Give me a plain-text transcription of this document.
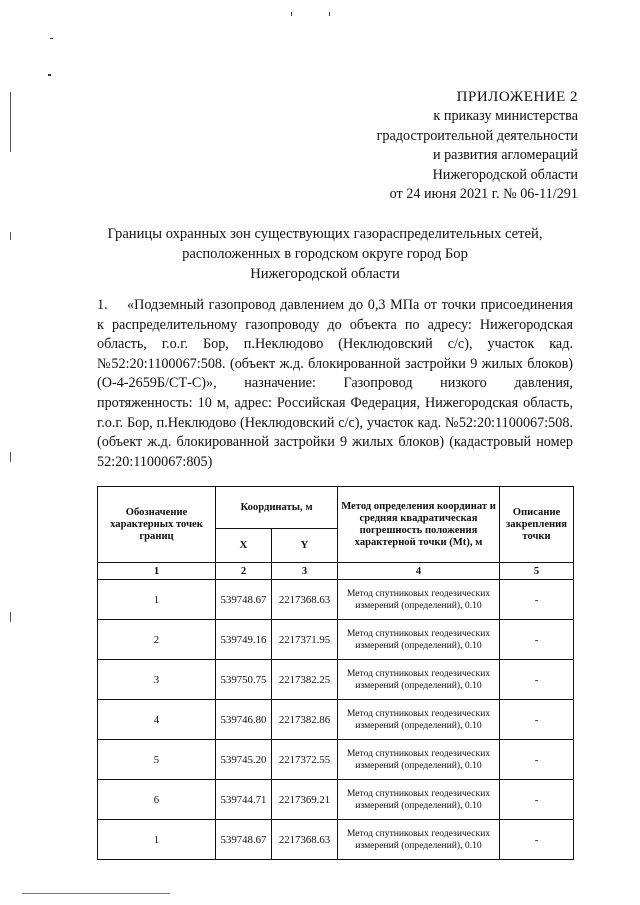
ПРИЛОЖЕНИЕ 2
к приказу министерства
градостроительной деятельности
и развития агломераций
Нижегородской области
от 24 июня 2021 г. № 06-11/291
Границы охранных зон существующих газораспределительных сетей,
расположенных в городском округе город Бор
Нижегородской области
1. «Подземный газопровод давлением до 0,3 МПа от точки присоединения к распределительному газопроводу до объекта по адресу: Нижегородская область, г.о.г. Бор, п.Неклюдово (Неклюдовский с/с), участок кад. №52:20:1100067:508. (объект ж.д. блокированной застройки 9 жилых блоков) (О-4-2659Б/СТ-С)», назначение: Газопровод низкого давления, протяженность: 10 м, адрес: Российская Федерация, Нижегородская область, г.о.г. Бор, п.Неклюдово (Неклюдовский с/с), участок кад. №52:20:1100067:508. (объект ж.д. блокированной застройки 9 жилых блоков) (кадастровый номер 52:20:1100067:805)
Обозначение характерных точек границ	Координаты, м		Метод определения координат и средняя квадратическая погрешность положения характерной точки (Mt), м	Описание закрепления точки
	X	Y		
1	2	3	4	5
1	539748.67	2217368.63	Метод спутниковых геодезических измерений (определений), 0.10	-
2	539749.16	2217371.95	Метод спутниковых геодезических измерений (определений), 0.10	-
3	539750.75	2217382.25	Метод спутниковых геодезических измерений (определений), 0.10	-
4	539746.80	2217382.86	Метод спутниковых геодезических измерений (определений), 0.10	-
5	539745.20	2217372.55	Метод спутниковых геодезических измерений (определений), 0.10	-
6	539744.71	2217369.21	Метод спутниковых геодезических измерений (определений), 0.10	-
1	539748.67	2217368.63	Метод спутниковых геодезических измерений (определений), 0.10	-
